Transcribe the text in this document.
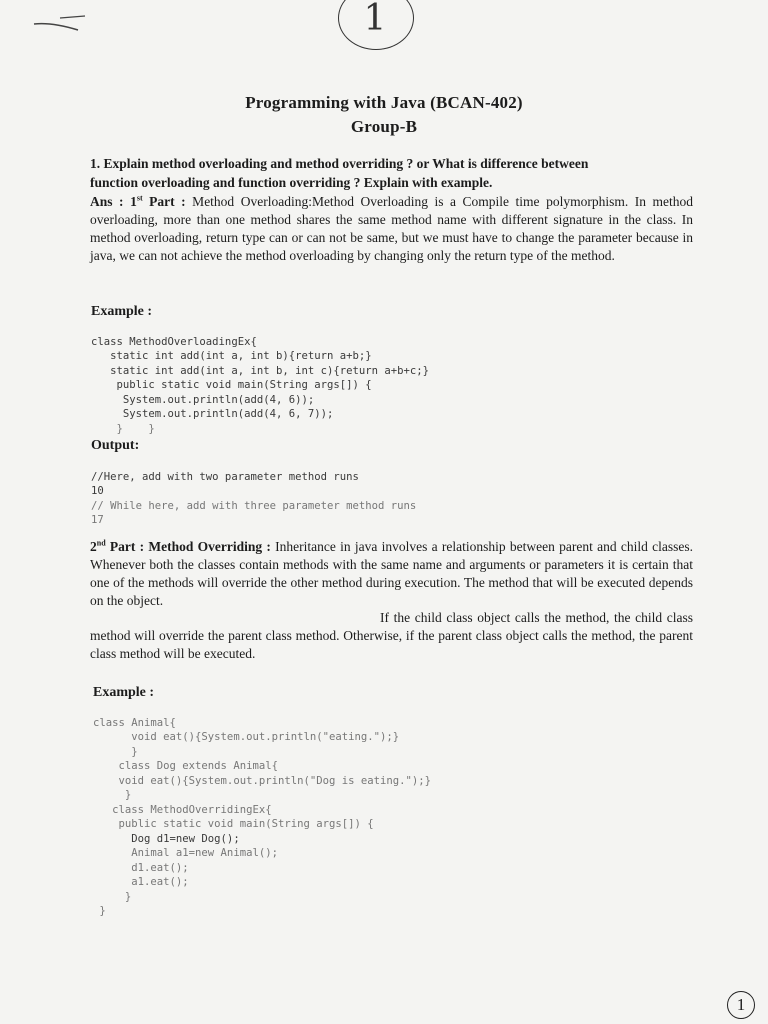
1
Programming with Java (BCAN-402)
Group-B
1. Explain method overloading and method overriding ? or What is difference between
function overloading and function overriding ? Explain with example.
Ans : 1st Part : Method Overloading:Method Overloading is a Compile time polymorphism. In method overloading, more than one method shares the same method name with different signature in the class. In method overloading, return type can or can not be same, but we must have to change the parameter because in java, we can not achieve the method overloading by changing only the return type of the method.
Example :

class MethodOverloadingEx{
static int add(int a, int b){return a+b;}
static int add(int a, int b, int c){return a+b+c;}
public static void main(String args[]) {
System.out.println(add(4, 6));
System.out.println(add(4, 6, 7));
}    }

Output:

//Here, add with two parameter method runs
10
// While here, add with three parameter method runs
17

2nd Part : Method Overriding : Inheritance in java involves a relationship between parent and child classes. Whenever both the classes contain methods with the same name and arguments or parameters it is certain that one of the methods will override the other method during execution. The method that will be executed depends on the object.
If the child class object calls the method, the child class method will override the parent class method. Otherwise, if the parent class object calls the method, the parent class method will be executed.
Example :

class Animal{
void eat(){System.out.println("eating.");}
}
class Dog extends Animal{
void eat(){System.out.println("Dog is eating.");}
}
class MethodOverridingEx{
public static void main(String args[]) {
Dog d1=new Dog();
Animal a1=new Animal();
d1.eat();
a1.eat();
}
}

1
